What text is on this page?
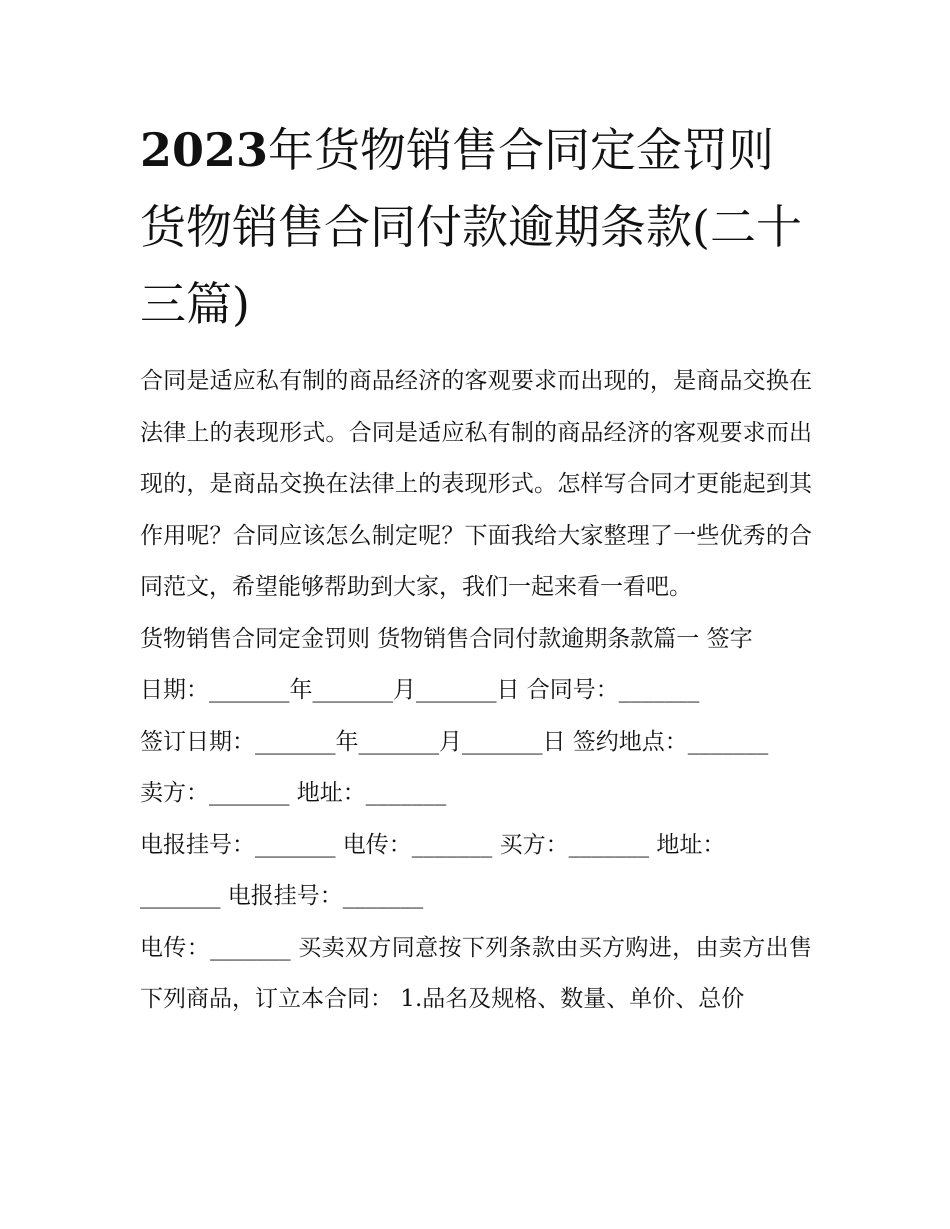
2023年货物销售合同定金罚则货物销售合同付款逾期条款(二十三篇)

合同是适应私有制的商品经济的客观要求而出现的，是商品交换在法律上的表现形式。合同是适应私有制的商品经济的客观要求而出现的，是商品交换在法律上的表现形式。怎样写合同才更能起到其作用呢？合同应该怎么制定呢？下面我给大家整理了一些优秀的合同范文，希望能够帮助到大家，我们一起来看一看吧。

货物销售合同定金罚则 货物销售合同付款逾期条款篇一 签字
日期：_______年_______月_______日 合同号：_______
签订日期：_______年_______月_______日 签约地点：_______
卖方：_______ 地址：_______
电报挂号：_______ 电传：_______ 买方：_______ 地址：
_______ 电报挂号：_______

电传：_______ 买卖双方同意按下列条款由买方购进，由卖方出售下列商品，订立本合同： 1.品名及规格、数量、单价、总价
